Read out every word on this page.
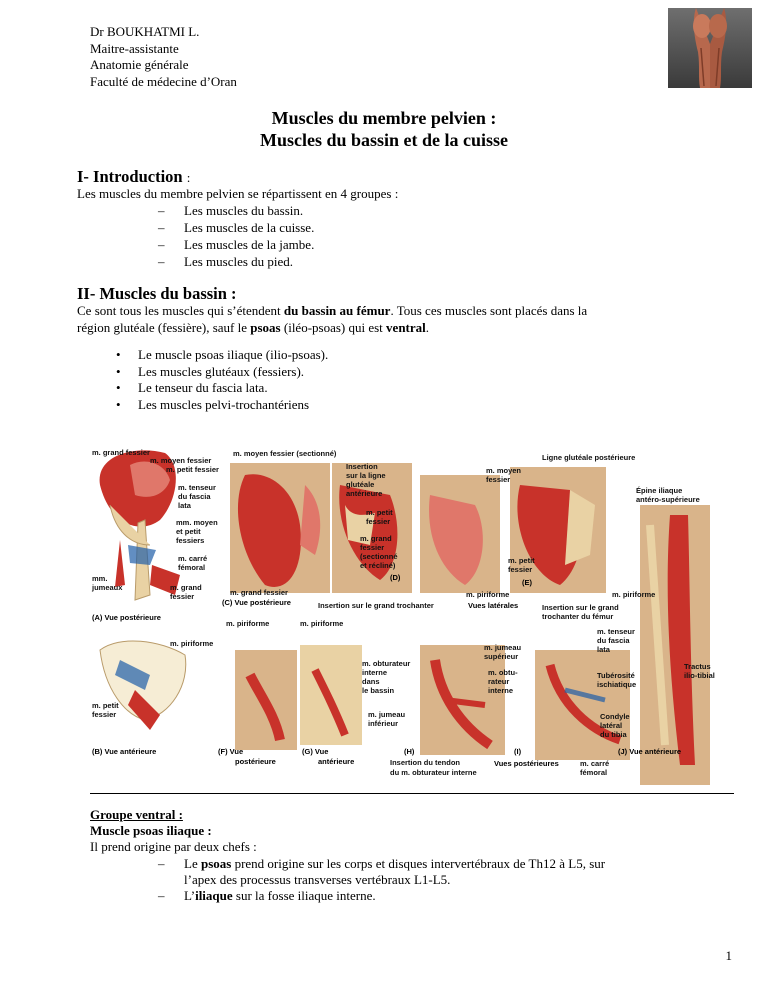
Dr BOUKHATMI L.
Maitre-assistante
Anatomie générale
Faculté de médecine d’Oran
Muscles du membre pelvien :
Muscles du bassin et de la cuisse
I- Introduction :
Les muscles du membre pelvien se répartissent en 4 groupes :
–	Les muscles du bassin.
–	Les muscles de la cuisse.
–	Les muscles de la jambe.
–	Les muscles du pied.
II- Muscles du bassin :
Ce sont tous les muscles qui s’étendent du bassin au fémur. Tous ces muscles sont placés dans la
région glutéale (fessière), sauf le psoas (iléo-psoas) qui est ventral.
•	Le muscle psoas iliaque (ilio-psoas).
•	Les muscles glutéaux (fessiers).
•	Le tenseur du fascia lata.
•	Les muscles pelvi-trochantériens
m. grand fessier
m. moyen fessier
m. petit fessier
m. tenseur
du fascia
lata
mm. moyen
et petit
fessiers
m. carré
fémoral
mm.
jumeaux	m. grand
fessier
(A) Vue postérieure
m. moyen fessier (sectionné)
Insertion
sur la ligne
glutéale
antérieure
m. petit
fessier
m. grand
fessier
(sectionné
et récliné)
(D)
m. grand fessier
(C) Vue postérieure	Insertion sur le grand trochanter
m. moyen
fessier
Ligne glutéale postérieure
Épine iliaque
antéro-supérieure
m. petit
fessier
(E)
m. piriforme
Vues latérales
m. piriforme
Insertion sur le grand
trochanter du fémur
m. piriforme
m. petit
fessier
(B) Vue antérieure
m. piriforme	m. piriforme
(F) Vue
postérieure
(G) Vue
antérieure
m. obturateur
interne
dans
le bassin
m. jumeau
inférieur
m. jumeau
supérieur
m. obtu-
rateur
interne
(H)
Insertion du tendon
du m. obturateur interne
(I)
Vues postérieures	m. carré
fémoral
m. tenseur
du fascia
lata
Tubérosité
ischiatique
Tractus
ilio-tibial
Condyle
latéral
du tibia
(J) Vue antérieure
Groupe ventral :
Muscle psoas iliaque :
Il prend origine par deux chefs :
–	Le psoas prend origine sur les corps et disques intervertébraux de Th12 à L5, sur
l’apex des processus transverses vertébraux L1-L5.
–	L’iliaque sur la fosse iliaque interne.
1
